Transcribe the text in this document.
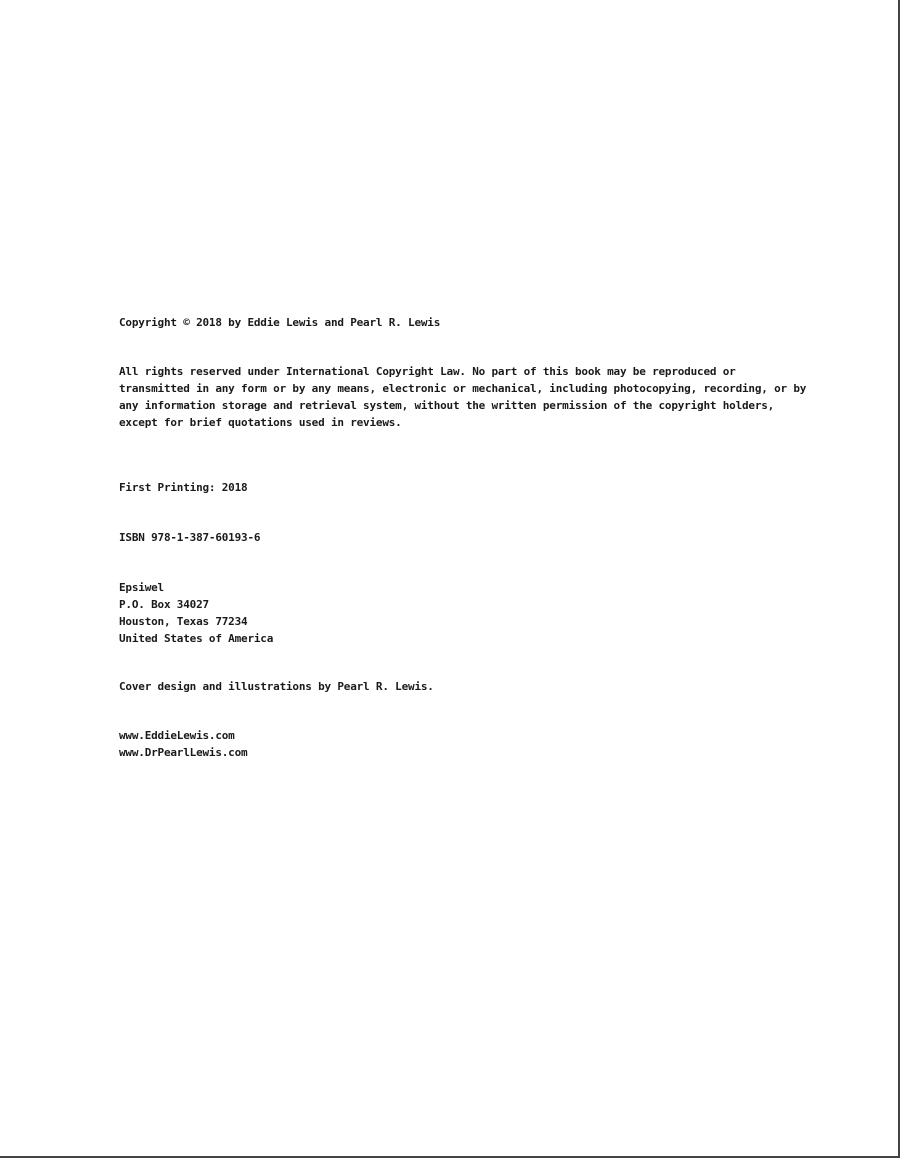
Copyright © 2018 by Eddie Lewis and Pearl R. Lewis
All rights reserved under International Copyright Law. No part of this book may be reproduced or
transmitted in any form or by any means, electronic or mechanical, including photocopying, recording, or by
any information storage and retrieval system, without the written permission of the copyright holders,
except for brief quotations used in reviews.
First Printing: 2018
ISBN 978-1-387-60193-6
Epsiwel
P.O. Box 34027
Houston, Texas 77234
United States of America
Cover design and illustrations by Pearl R. Lewis.
www.EddieLewis.com
www.DrPearlLewis.com
